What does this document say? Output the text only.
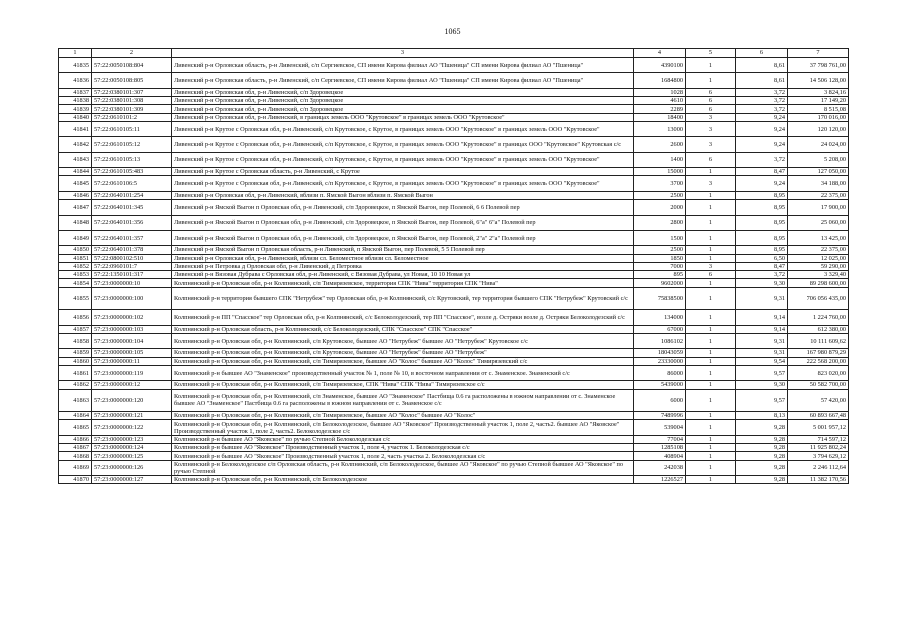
1065
1	2	3	4	5	6	7
41835	57:22:0050108:804	Ливенский р-н Орловская область, р-н Ливенский, с/п Сергиевское, СП имени Кирова филиал АО "Пшеница" СП имени Кирова филиал АО "Пшеница"	4390100	1	8,61	37 798 761,00
41836	57:22:0050108:805	Ливенский р-н Орловская область, р-н Ливенский, с/п Сергиевское, СП имени Кирова филиал АО "Пшеница" СП имени Кирова филиал АО "Пшеница"	1684800	1	8,61	14 506 128,00
41837	57:22:0380101:307	Ливенский р-н Орловская обл, р-н Ливенский, с/п Здоровецкое	1028	6	3,72	3 824,16
41838	57:22:0380101:308	Ливенский р-н Орловская обл, р-н Ливенский, с/п Здоровецкое	4610	6	3,72	17 149,20
41839	57:22:0380101:309	Ливенский р-н Орловская обл, р-н Ливенский, с/п Здоровецкое	2289	6	3,72	8 515,08
41840	57:22:0610101:2	Ливенский р-н Орловская обл, р-н Ливенский, в границах земель ООО "Крутовское" в границах земель ООО "Крутовское"	18400	3	9,24	170 016,00
41841	57:22:0610105:11	Ливенский р-н Крутое с Орловская обл, р-н Ливенский, с/п Крутовское, с Крутое, в границах земель ООО "Крутовское" в границах земель ООО "Крутовское"	13000	3	9,24	120 120,00
41842	57:22:0610105:12	Ливенский р-н Крутое с Орловская обл, р-н Ливенский, с/п Крутовское, с Крутое, в границах земель ООО "Крутовское" в границах ООО "Крутовское" Крутовская с/с	2600	3	9,24	24 024,00
41843	57:22:0610105:13	Ливенский р-н Крутое с Орловская обл, р-н Ливенский, с/п Крутовское, с Крутое, в границах земель ООО "Крутовское" в границах земель ООО "Крутовское"	1400	6	3,72	5 208,00
41844	57:22:0610105:483	Ливенский р-н Крутое с Орловская область, р-н Ливенский, с Крутое	15000	1	8,47	127 050,00
41845	57:22:0610106:5	Ливенский р-н Крутое с Орловская обл, р-н Ливенский, с/п Крутовское, с Крутое, в границах земель ООО "Крутовское" в границах земель ООО "Крутовское"	3700	3	9,24	34 188,00
41846	57:22:0640101:254	Ливенский р-н Орловская обл, р-н Ливенский, вблизи п. Ямской Выгон вблизи п. Ямской Выгон	2500	1	8,95	22 375,00
41847	57:22:0640101:345	Ливенский р-н Ямской Выгон п Орловская обл, р-н Ливенский, с/п Здоровецкое, п Ямской Выгон, пер Полевой, 6 6 Полевой пер	2000	1	8,95	17 900,00
41848	57:22:0640101:356	Ливенский р-н Ямской Выгон п Орловская обл, р-н Ливенский, с/п Здоровецкое, п Ямской Выгон, пер Полевой, 6"а" 6"а" Полевой пер	2800	1	8,95	25 060,00
41849	57:22:0640101:357	Ливенский р-н Ямской Выгон п Орловская обл, р-н Ливенский, с/п Здоровецкое, п Ямской Выгон, пер Полевой, 2"а" 2"а" Полевой пер	1500	1	8,95	13 425,00
41850	57:22:0640101:378	Ливенский р-н Ямской Выгон п Орловская область, р-н Ливенский, п Ямской Выгон, пер Полевой, 5 5 Полевой пер	2500	1	8,95	22 375,00
41851	57:22:0800102:510	Ливенский р-н Орловская обл, р-н Ливенский, вблизи сл. Беломестное вблизи сл. Беломестное	1850	1	6,50	12 025,00
41852	57:22:0960101:7	Ливенский р-н Петровка д Орловская обл, р-н Ливенский, д Петровка	7000	3	8,47	59 290,00
41853	57:22:1350101:317	Ливенский р-н Вязовая Дубрава с Орловская обл, р-н Ливенский, с Вязовая Дубрава, ул Новая, 10 10 Новая ул	895	6	3,72	3 329,40
41854	57:23:0000000:10	Колпнянский р-н Орловская обл, р-н Колпнянский, с/п Тимирязевское, территория СПК "Нива" территория СПК "Нива"	9602000	1	9,30	89 298 600,00
41855	57:23:0000000:100	Колпнянский р-н территория бывшего СПК "Нетрубеж" тер Орловская обл, р-н Колпнянский, с/с Крутовский, тер территория бывшего СПК "Нетрубеж" Крутовский с/с	75838500	1	9,31	706 056 435,00
41856	57:23:0000000:102	Колпнянский р-н ПП "Спасское" тер Орловская обл, р-н Колпнянский, с/с Белоколодезский, тер ПП "Спасское", возле д. Остряки возле д. Остряки Белоколодезский с/с	134000	1	9,14	1 224 760,00
41857	57:23:0000000:103	Колпнянский р-н Орловская область, р-н Колпнянский, с/с Белоколодезский, СПК "Спасское" СПК "Спасское"	67000	1	9,14	612 380,00
41858	57:23:0000000:104	Колпнянский р-н Орловская обл, р-н Колпнянский, с/п Крутовское, бывшее АО "Нетрубеж" бывшее АО "Нетрубеж" Крутовское с/с	1086102	1	9,31	10 111 609,62
41859	57:23:0000000:105	Колпнянский р-н Орловская обл, р-н Колпнянский, с/п Крутовское, бывшее АО "Нетрубеж" бывшее АО "Нетрубеж"	18043059	1	9,31	167 980 879,29
41860	57:23:0000000:11	Колпнянский р-н Орловская обл, р-н Колпнянский, с/п Тимирязевское, бывшее АО "Колос" бывшее АО "Колос" Тимирязевский с/с	23330000	1	9,54	222 568 200,00
41861	57:23:0000000:119	Колпнянский р-н бывшее АО "Знаменское" производственный участок № 1, поле № 10, в восточном направлении от с. Знаменское. Знаменский с/с	86000	1	9,57	823 020,00
41862	57:23:0000000:12	Колпнянский р-н Орловская обл, р-н Колпнянский, с/п Тимирязевское, СПК "Нива" СПК "Нива" Тимирязевское с/с	5439000	1	9,30	50 582 700,00
41863	57:23:0000000:120	Колпнянский р-н Орловская обл, р-н Колпнянский, с/п Знаменское, бывшее АО "Знаменское" Пастбища 0.6 га расположены в южном направлении от с. Знаменское бывшее АО "Знаменское" Пастбища 0.6 га расположены в южном направлении от с. Знаменское с/с	6000	1	9,57	57 420,00
41864	57:23:0000000:121	Колпнянский р-н Орловская обл, р-н Колпнянский, с/п Тимирязевское, бывшее АО "Колос" бывшее АО "Колос"	7489996	1	8,13	60 893 667,48
41865	57:23:0000000:122	Колпнянский р-н Орловская обл, р-н Колпнянский, с/п Белоколодезское, бывшее АО "Яковское" Производственный участок 1, поле 2, часть2. бывшее АО "Яковское" Производственный участок 1, поле 2, часть2. Белоколодезское с/с	539004	1	9,28	5 001 957,12
41866	57:23:0000000:123	Колпнянский р-н бывшее АО "Яковское" по ручью Степной Белоколодезская с/с	77004	1	9,28	714 597,12
41867	57:23:0000000:124	Колпнянский р-н бывшее АО "Яковское" Производственный участок 1, поле 4, участок 1. Белоколодезская с/с	1285108	1	9,28	11 925 802,24
41868	57:23:0000000:125	Колпнянский р-н бывшее АО "Яковское" Производственный участок 1, поле 2, часть участка 2. Белоколодезская с/с	408904	1	9,28	3 794 629,12
41869	57:23:0000000:126	Колпнянский р-н Белоколодезское с/п Орловская область, р-н Колпнянский, с/п Белоколодезское, бывшее АО "Яковское" по ручью Степной бывшее АО "Яковское" по ручью Степной	242038	1	9,28	2 246 112,64
41870	57:23:0000000:127	Колпнянский р-н Орловская обл, р-н Колпнянский, с/п Белоколодезское	1226527	1	9,28	11 382 170,56
